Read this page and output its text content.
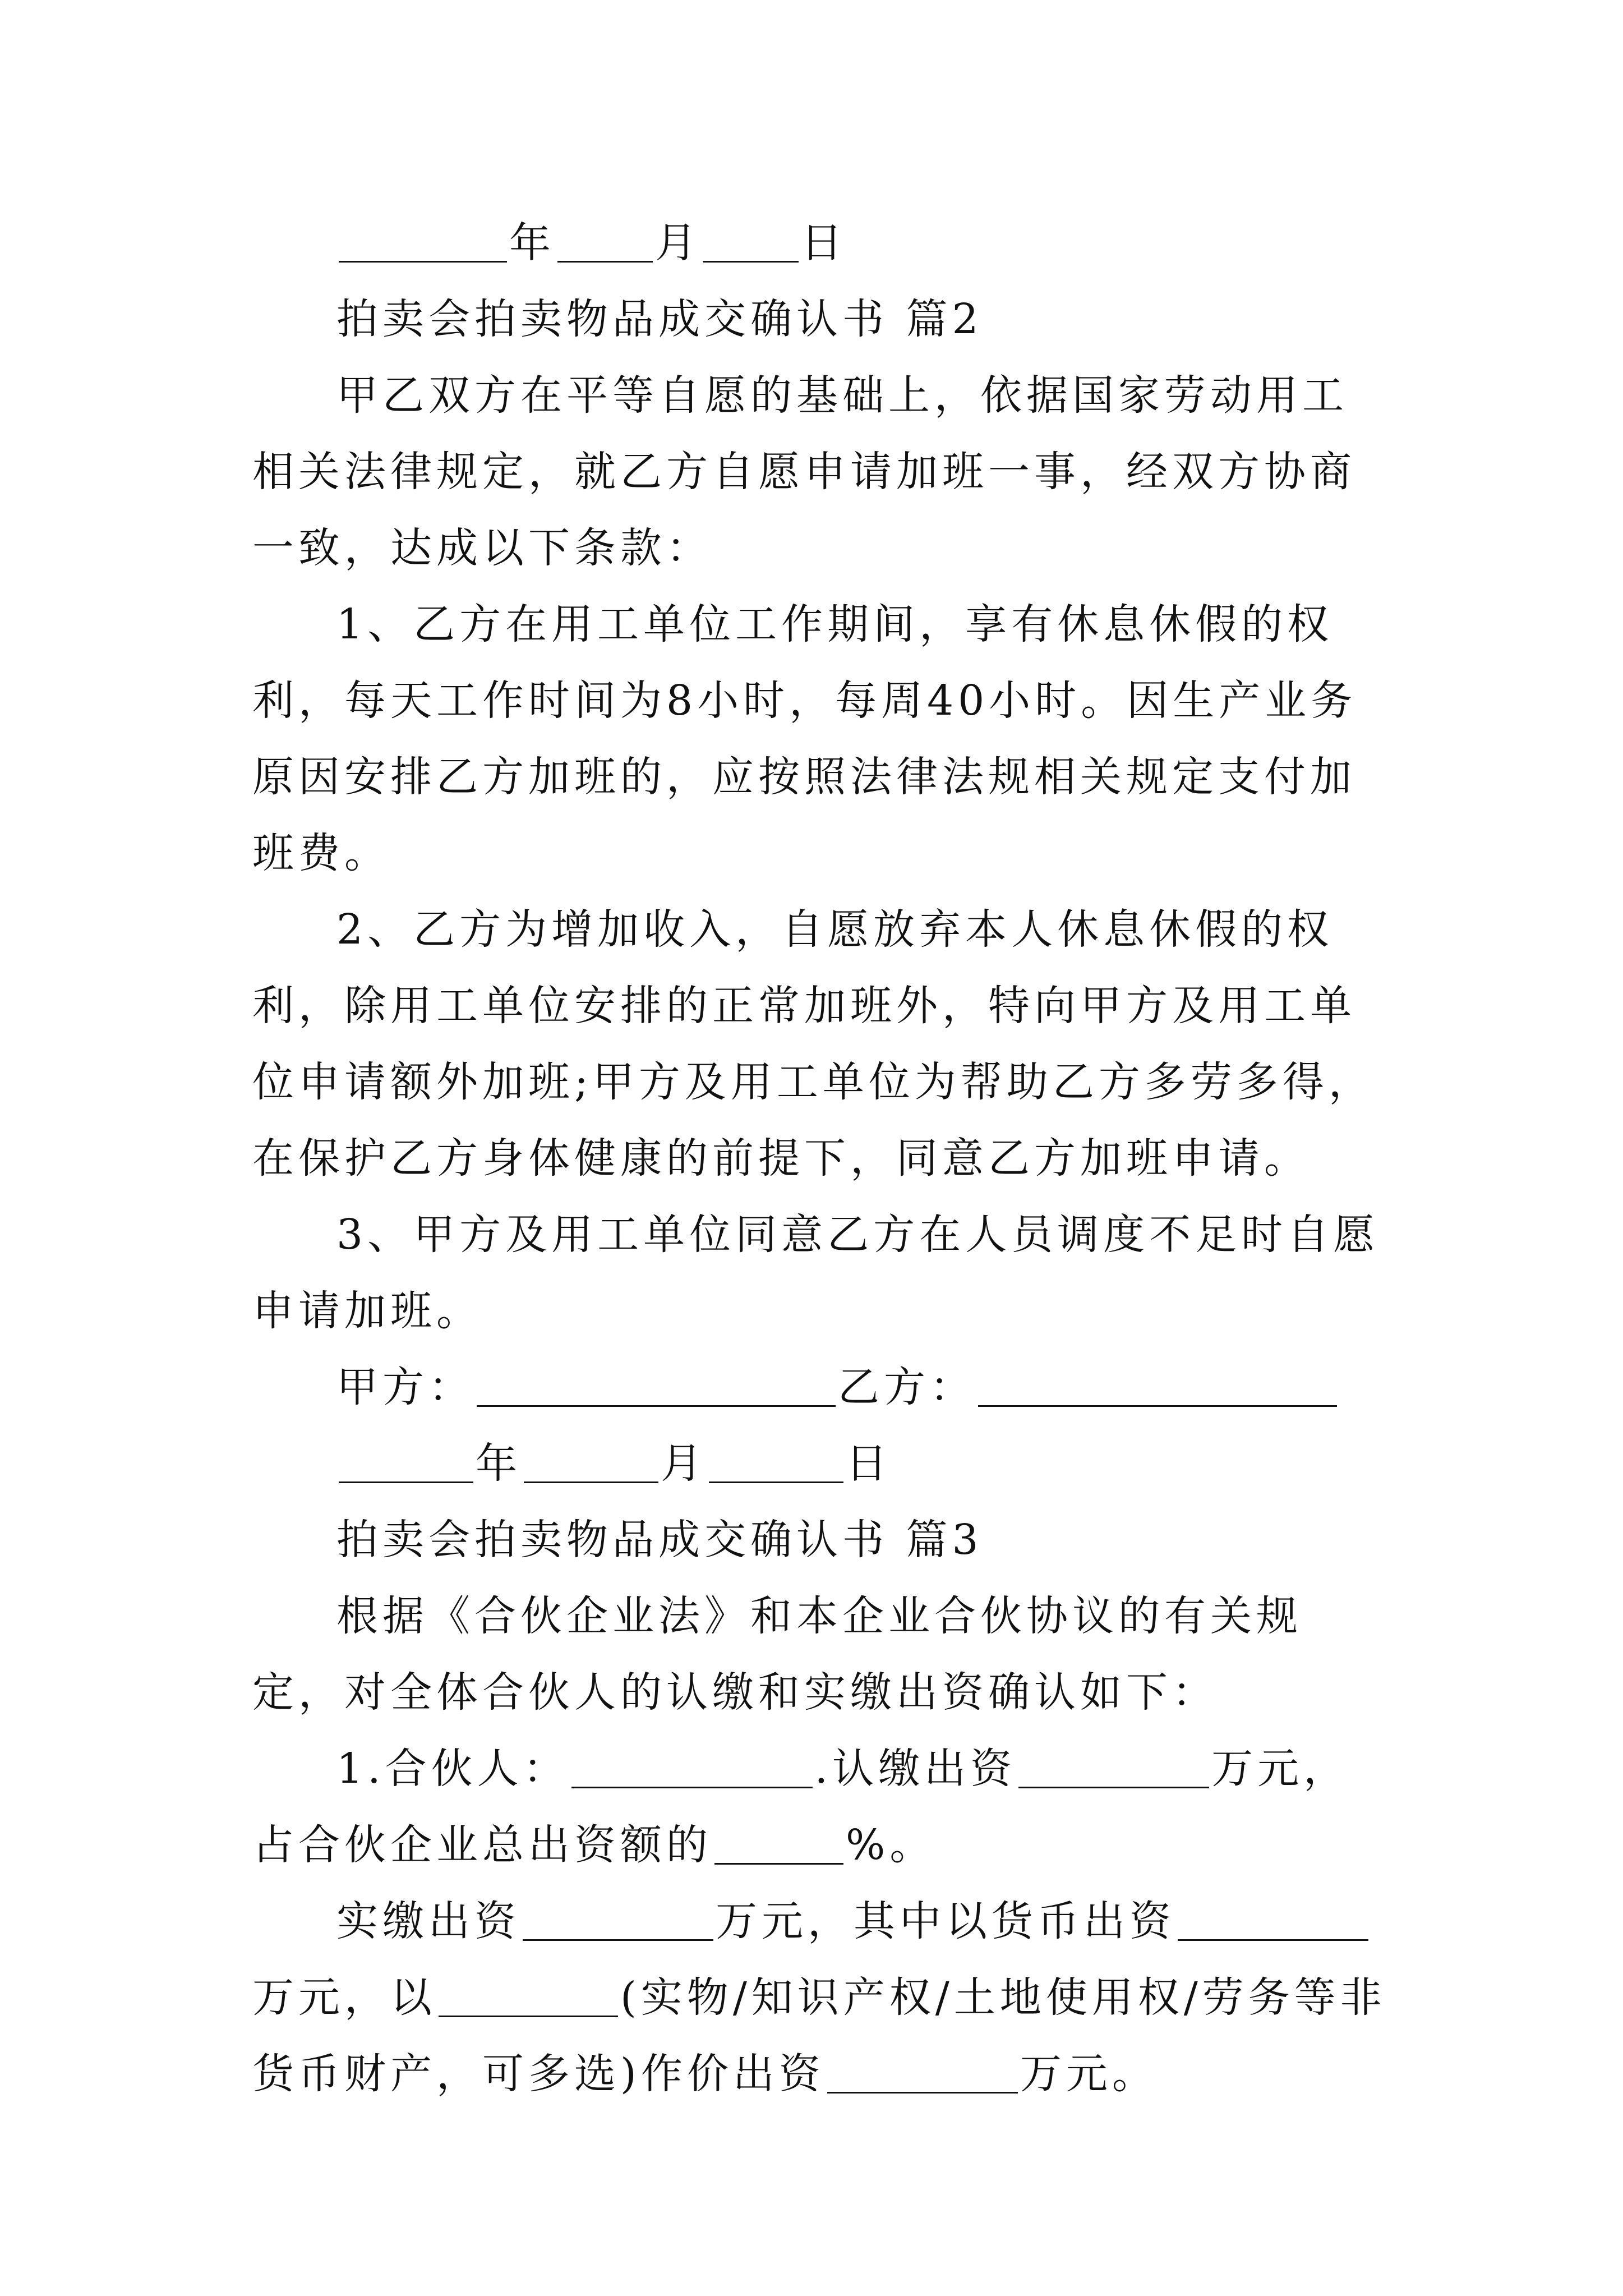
年 月 日

拍卖会拍卖物品成交确认书 篇2

甲乙双方在平等自愿的基础上，依据国家劳动用工相关法律规定，就乙方自愿申请加班一事，经双方协商一致，达成以下条款：

1、乙方在用工单位工作期间，享有休息休假的权利，每天工作时间为8小时，每周40小时。因生产业务原因安排乙方加班的，应按照法律法规相关规定支付加班费。

2、乙方为增加收入，自愿放弃本人休息休假的权利，除用工单位安排的正常加班外，特向甲方及用工单位申请额外加班;甲方及用工单位为帮助乙方多劳多得，在保护乙方身体健康的前提下，同意乙方加班申请。

3、甲方及用工单位同意乙方在人员调度不足时自愿申请加班。

甲方：	乙方：

年	月	日

拍卖会拍卖物品成交确认书 篇3

根据《合伙企业法》和本企业合伙协议的有关规定，对全体合伙人的认缴和实缴出资确认如下：

1.合伙人：	.认缴出资	万元，占合伙企业总出资额的	%。

实缴出资	万元，其中以货币出资万元，以	(实物/知识产权/土地使用权/劳务等非货币财产，可多选)作价出资	万元。
